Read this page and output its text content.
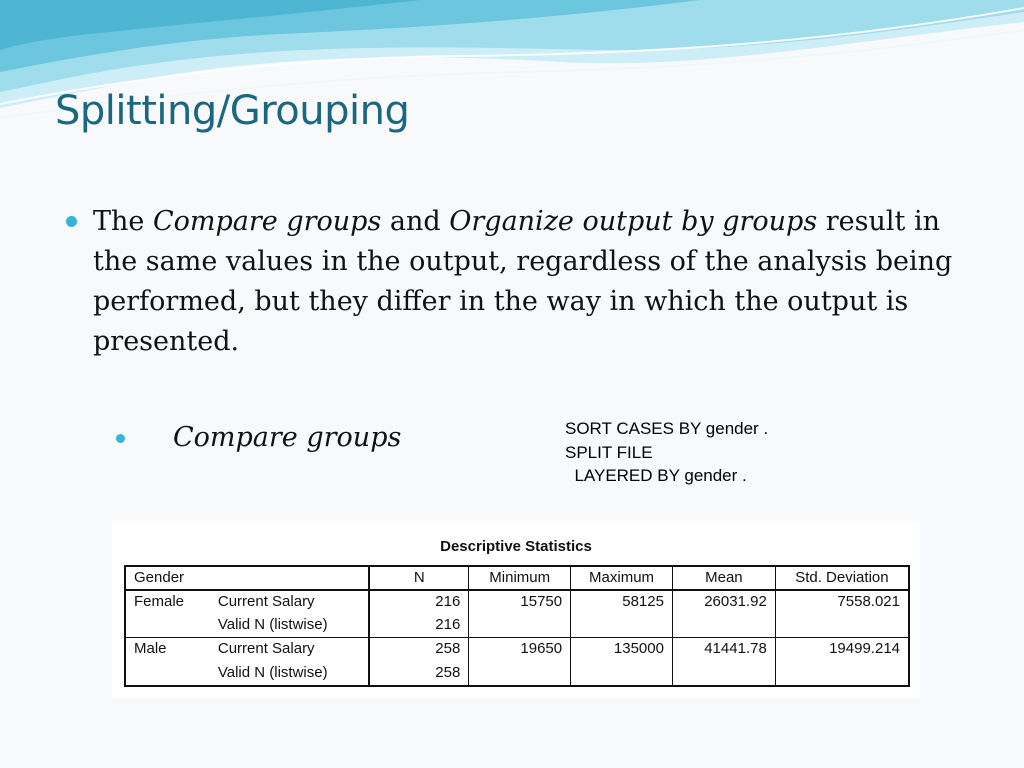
Splitting/Grouping
The Compare groups and Organize output by groups result in the same values in the output, regardless of the analysis being performed, but they differ in the way in which the output is presented.
Compare groups	SORT CASES BY gender .
SPLIT FILE
LAYERED BY gender .
Descriptive Statistics
Gender		N	Minimum	Maximum	Mean	Std. Deviation
Female	Current Salary	216	15750	58125	26031.92	7558.021
	Valid N (listwise)	216				
Male	Current Salary	258	19650	135000	41441.78	19499.214
	Valid N (listwise)	258				
